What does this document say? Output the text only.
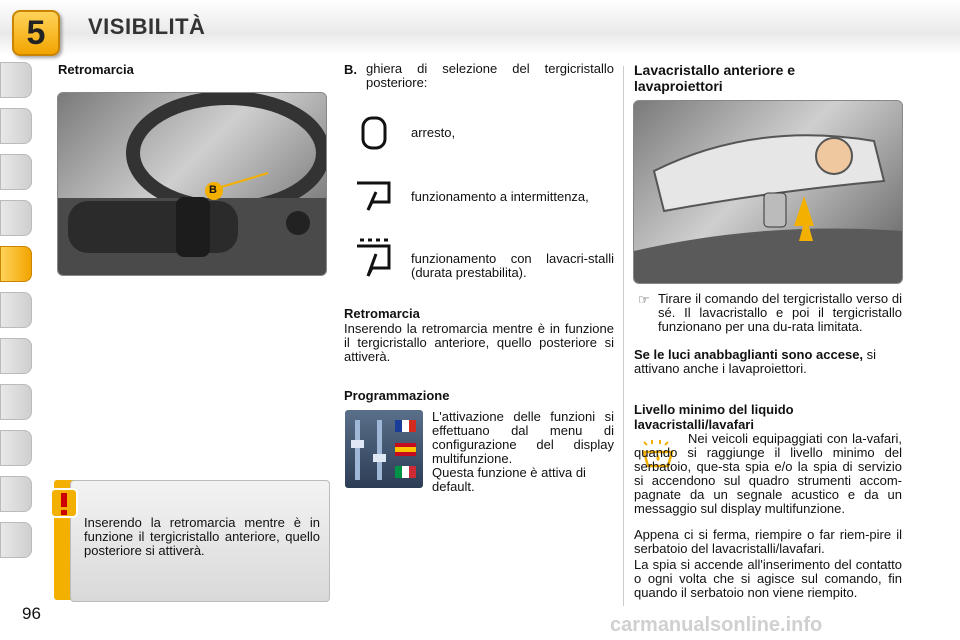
5	VISIBILITÀ
Retromarcia
B

Inserendo la retromarcia mentre è in funzione il tergicristallo anteriore, quello posteriore si attiverà.

B. ghiera di selezione del tergicristallo posteriore:

arresto,

funzionamento a intermittenza,

funzionamento con lavacri-stalli (durata prestabilita).

Retromarcia

Inserendo la retromarcia mentre è in funzione il tergicristallo anteriore, quello posteriore si attiverà.

Programmazione

L'attivazione delle funzioni si effettuano dal menu di configurazione del display multifunzione.

Questa funzione è attiva di default.

Lavacristallo anteriore e lavaproiettori
☞ Tirare il comando del tergicristallo verso di sé. Il lavacristallo e poi il tergicristallo funzionano per una du-rata limitata.

Se le luci anabbaglianti sono accese, si attivano anche i lavaproiettori.

Livello minimo del liquido lavacristalli/lavafari

Nei veicoli equipaggiati con la-vafari, quando si raggiunge il livello minimo del serbatoio, que-sta spia e/o la spia di servizio si accendono sul quadro strumenti accom-pagnate da un segnale acustico e da un messaggio sul display multifunzione.

Appena ci si ferma, riempire o far riem-pire il serbatoio del lavacristalli/lavafari.

La spia si accende all'inserimento del contatto o ogni volta che si agisce sul comando, fin quando il serbatoio non viene riempito.

96
carmanualsonline.info
